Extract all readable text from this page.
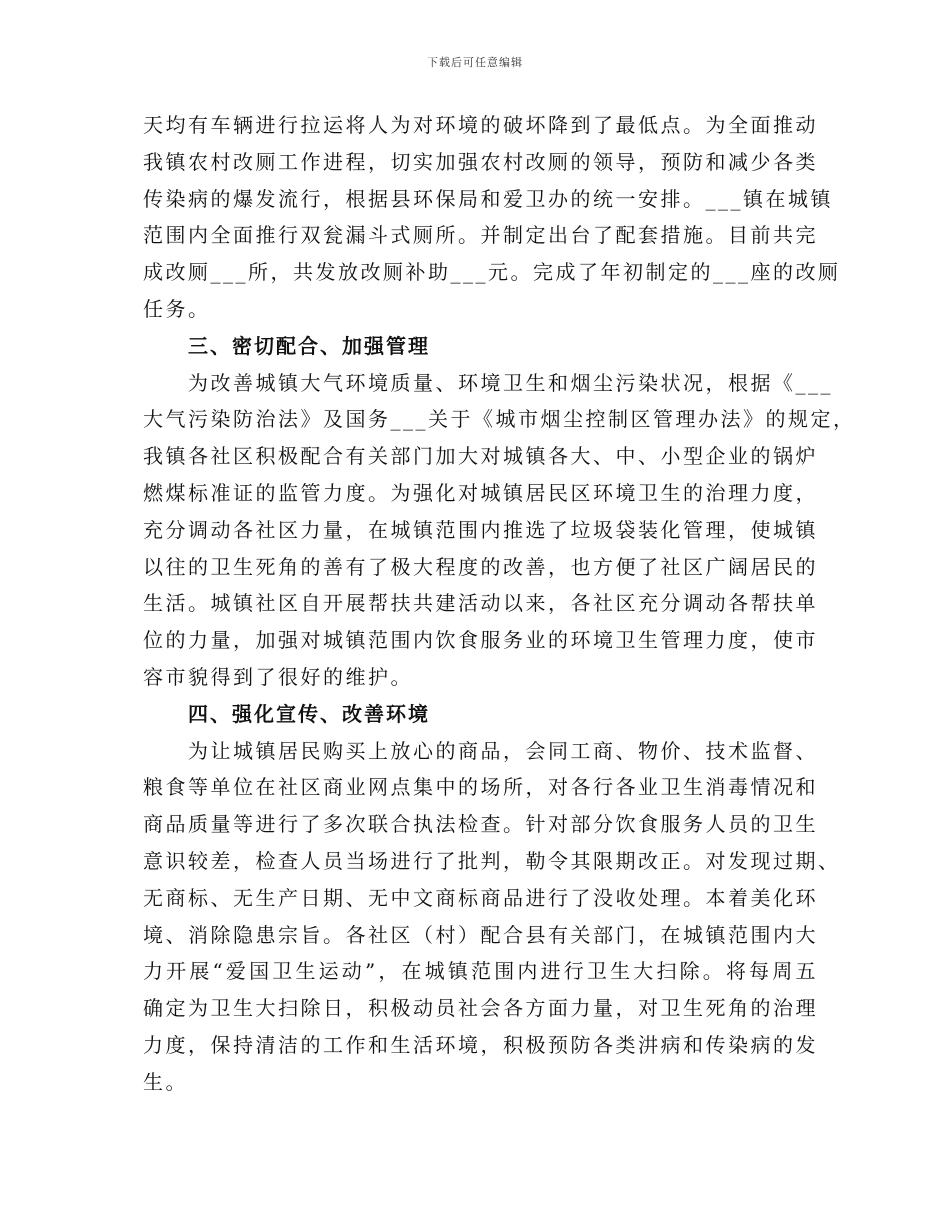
下载后可任意编辑
天均有车辆进行拉运将人为对环境的破坏降到了最低点。为全面推动
我镇农村改厕工作进程，切实加强农村改厕的领导，预防和减少各类
传染病的爆发流行，根据县环保局和爱卫办的统一安排。___镇在城镇
范围内全面推行双瓮漏斗式厕所。并制定出台了配套措施。目前共完
成改厕___所，共发放改厕补助___元。完成了年初制定的___座的改厕
任务。
三、密切配合、加强管理
为改善城镇大气环境质量、环境卫生和烟尘污染状况，根据《___
大气污染防治法》及国务___关于《城市烟尘控制区管理办法》的规定，
我镇各社区积极配合有关部门加大对城镇各大、中、小型企业的锅炉
燃煤标准证的监管力度。为强化对城镇居民区环境卫生的治理力度，
充分调动各社区力量，在城镇范围内推选了垃圾袋装化管理，使城镇
以往的卫生死角的善有了极大程度的改善，也方便了社区广阔居民的
生活。城镇社区自开展帮扶共建活动以来，各社区充分调动各帮扶单
位的力量，加强对城镇范围内饮食服务业的环境卫生管理力度，使市
容市貌得到了很好的维护。
四、强化宣传、改善环境
为让城镇居民购买上放心的商品，会同工商、物价、技术监督、
粮食等单位在社区商业网点集中的场所，对各行各业卫生消毒情况和
商品质量等进行了多次联合执法检查。针对部分饮食服务人员的卫生
意识较差，检查人员当场进行了批判，勒令其限期改正。对发现过期、
无商标、无生产日期、无中文商标商品进行了没收处理。本着美化环
境、消除隐患宗旨。各社区（村）配合县有关部门，在城镇范围内大
力开展“爱国卫生运动”，在城镇范围内进行卫生大扫除。将每周五
确定为卫生大扫除日，积极动员社会各方面力量，对卫生死角的治理
力度，保持清洁的工作和生活环境，积极预防各类汫病和传染病的发
生。
